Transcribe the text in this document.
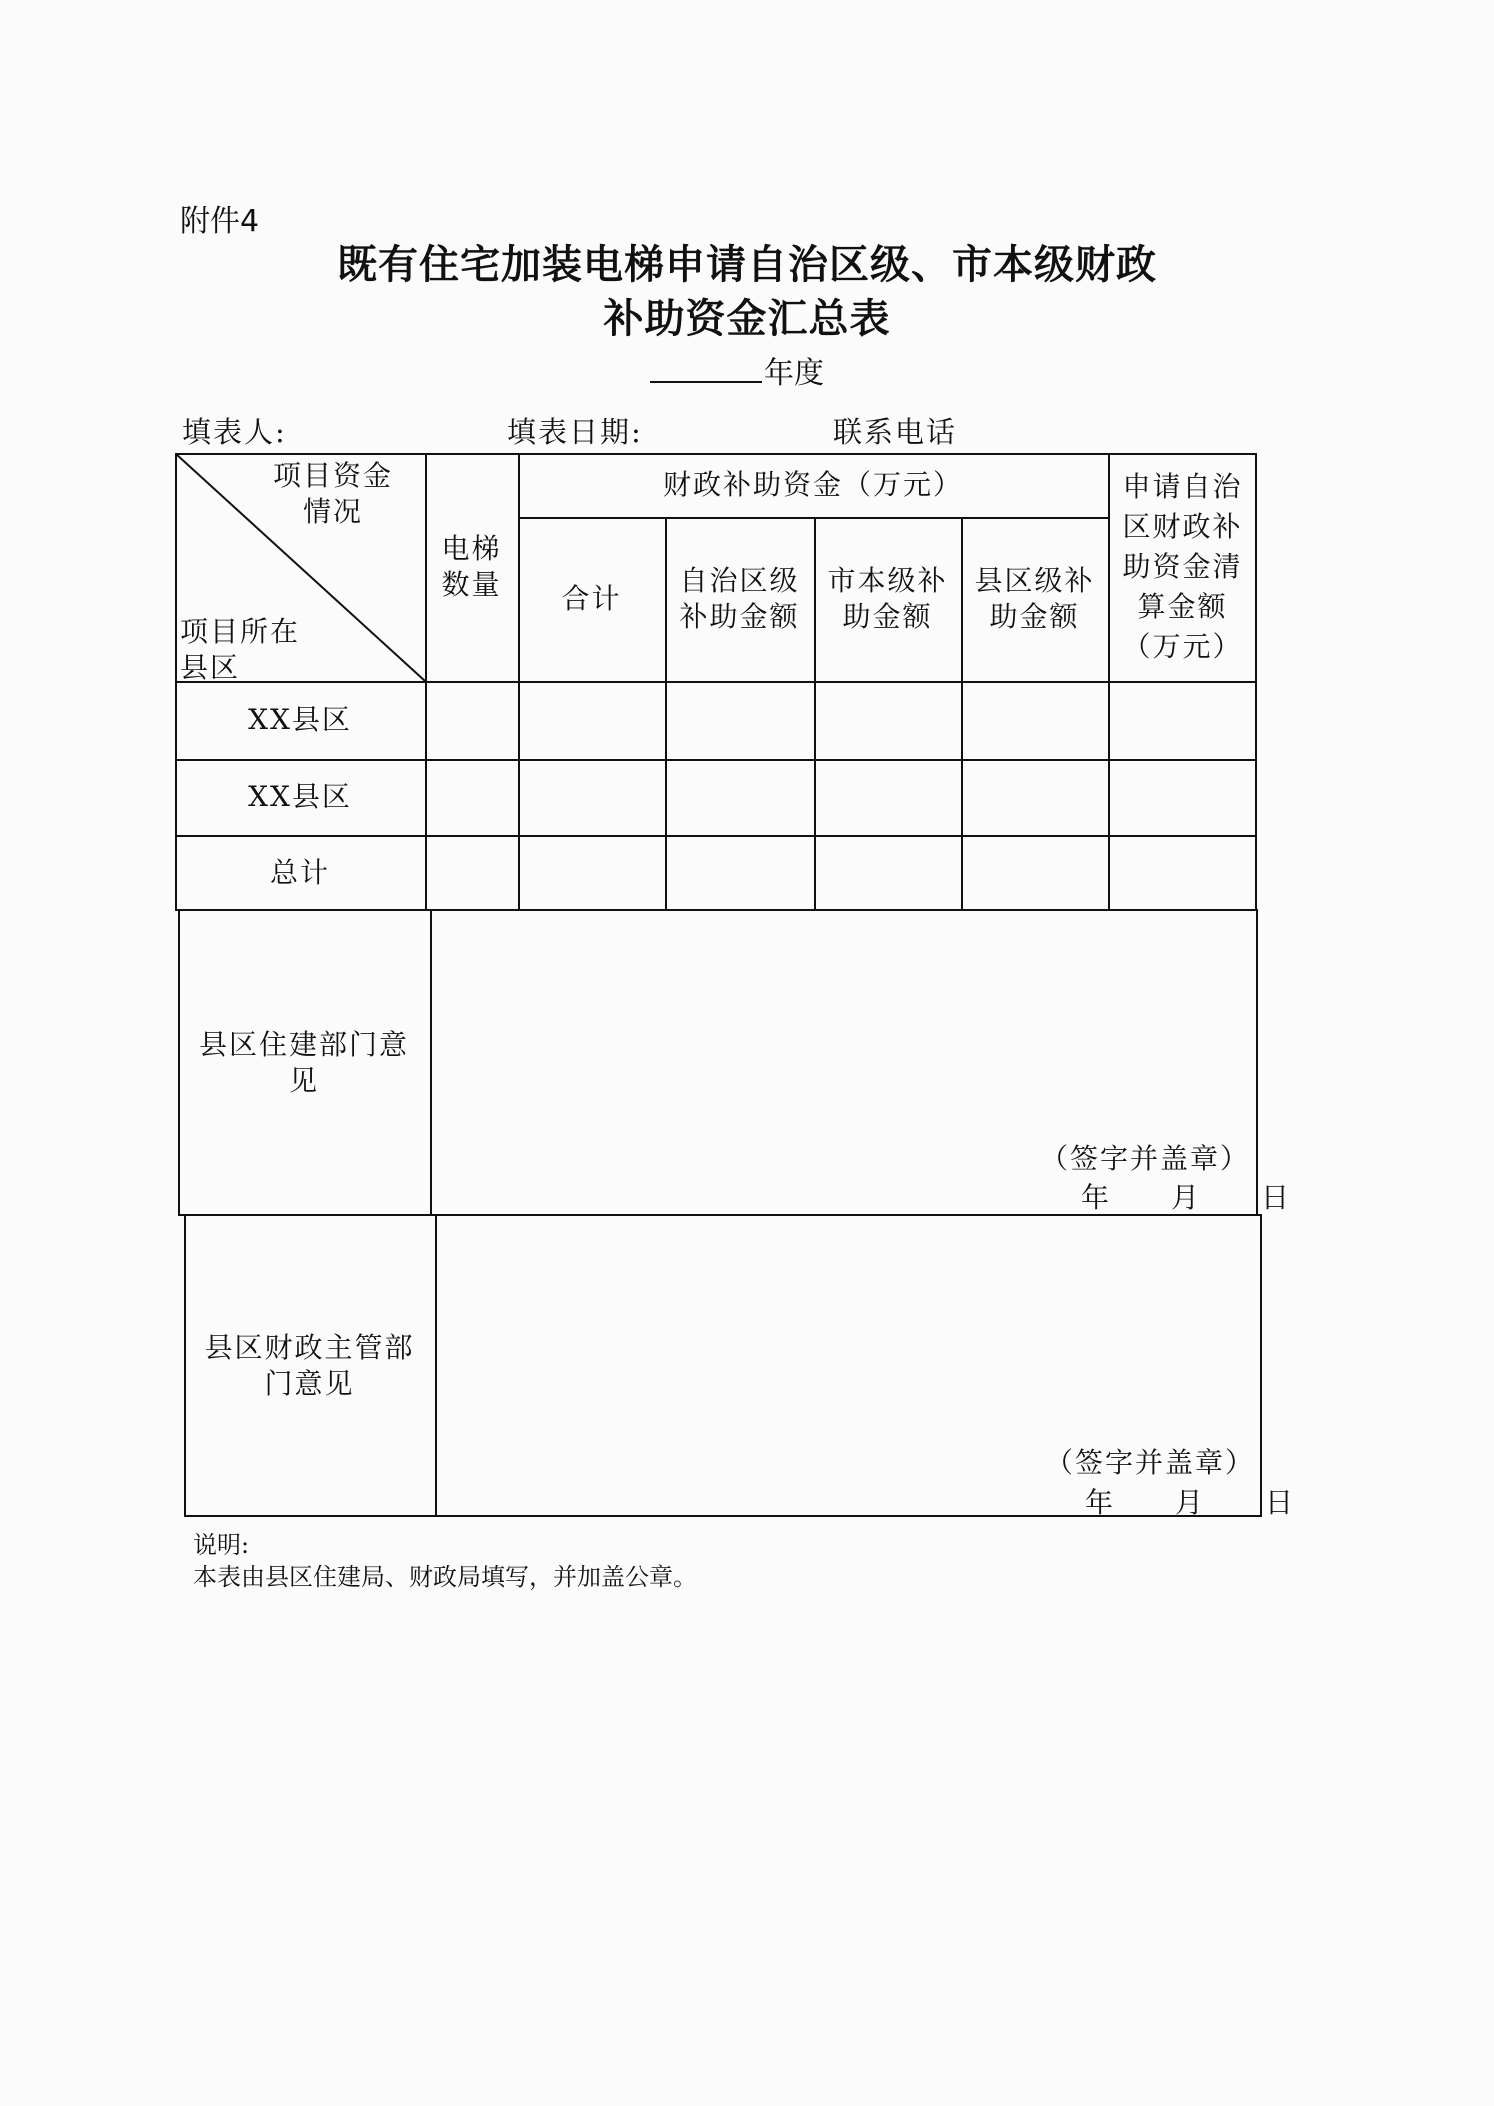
附件4
既有住宅加装电梯申请自治区级、市本级财政
补助资金汇总表
年度
填表人:	填表日期:	联系电话
项目资金
情况
项目所在
县区
电梯
数量
财政补助资金（万元）
合计
自治区级
补助金额
市本级补
助金额
县区级补
助金额
申请自治
区财政补
助资金清
算金额
（万元）
XX县区
XX县区
总计
县区住建部门意
见
（签字并盖章）
年　　月　　日
县区财政主管部
门意见
（签字并盖章）
年　　月　　日
说明:
本表由县区住建局、财政局填写，并加盖公章。
